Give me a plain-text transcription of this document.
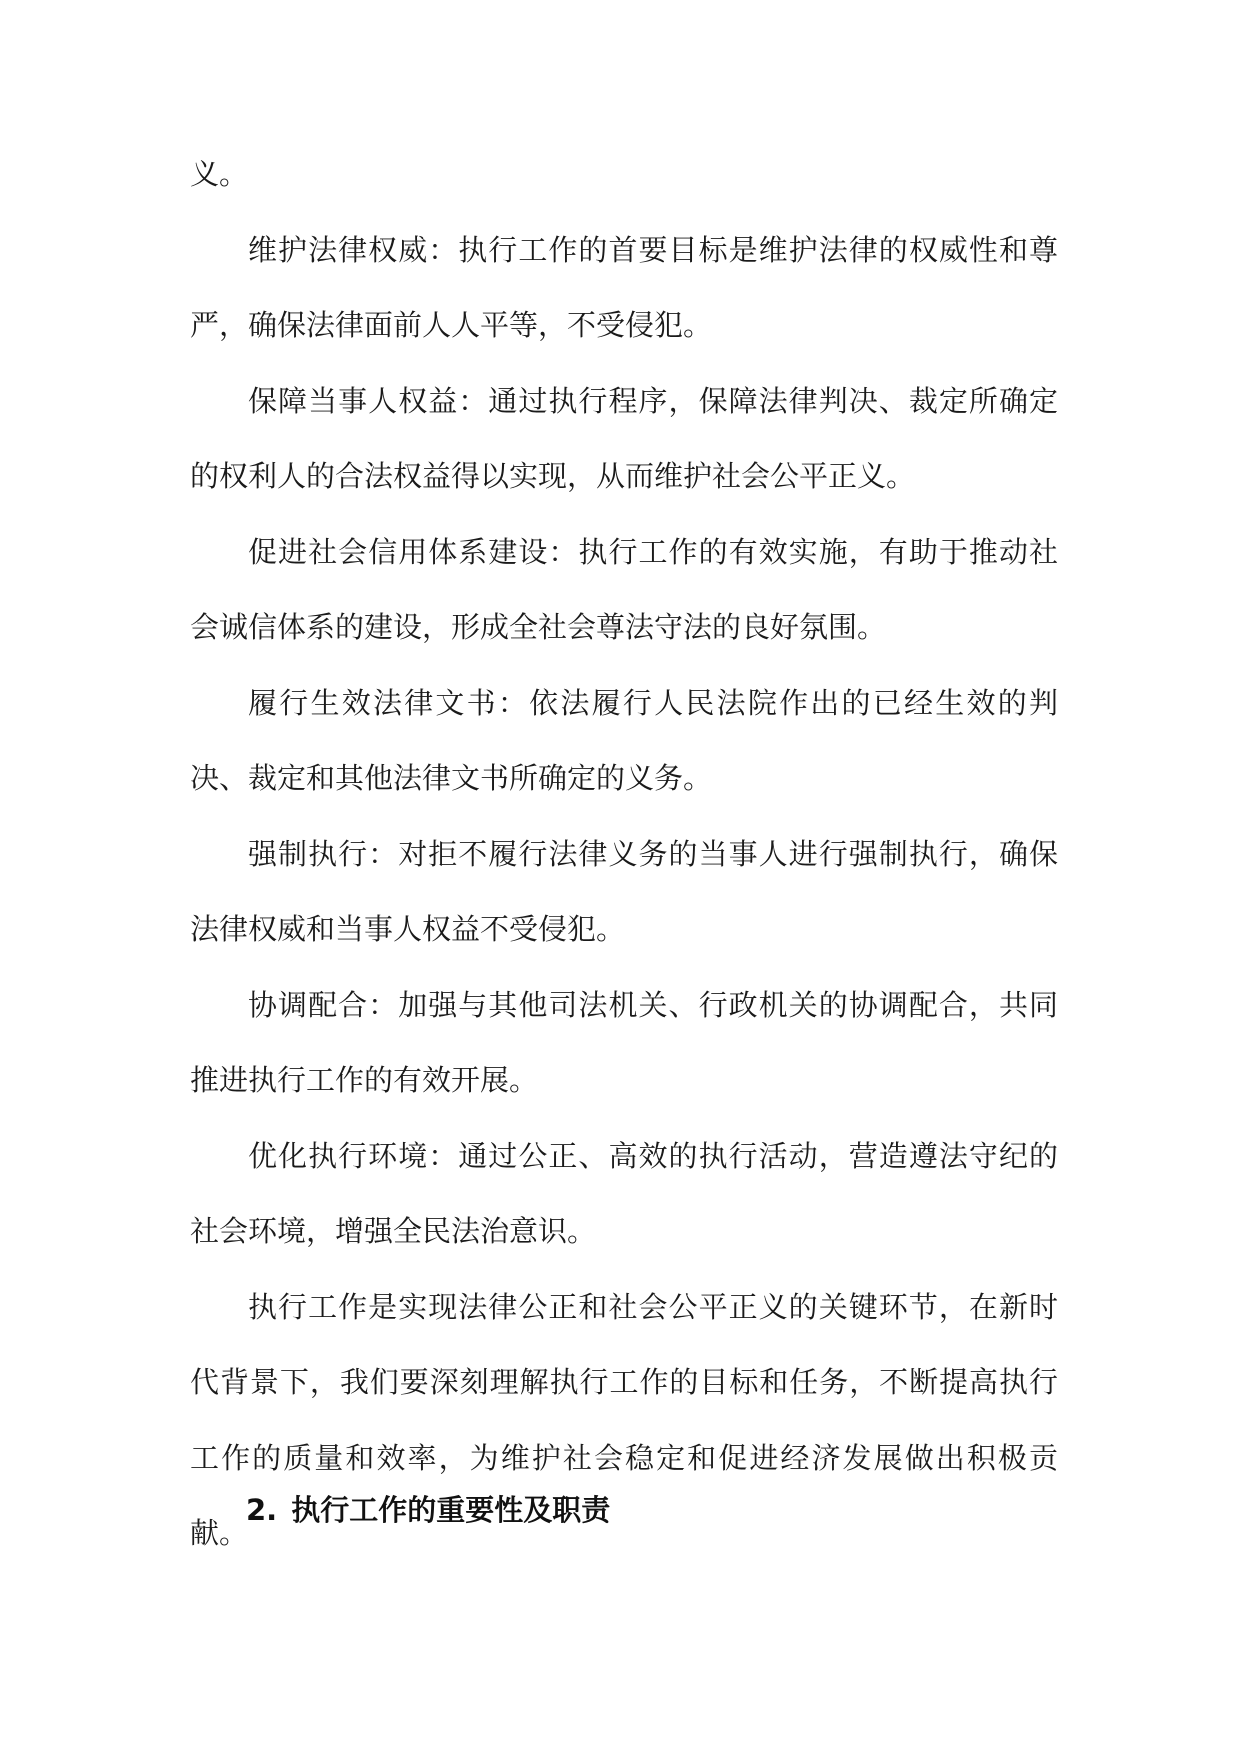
义。

维护法律权威：执行工作的首要目标是维护法律的权威性和尊严，确保法律面前人人平等，不受侵犯。

保障当事人权益：通过执行程序，保障法律判决、裁定所确定的权利人的合法权益得以实现，从而维护社会公平正义。

促进社会信用体系建设：执行工作的有效实施，有助于推动社会诚信体系的建设，形成全社会尊法守法的良好氛围。

履行生效法律文书：依法履行人民法院作出的已经生效的判决、裁定和其他法律文书所确定的义务。

强制执行：对拒不履行法律义务的当事人进行强制执行，确保法律权威和当事人权益不受侵犯。

协调配合：加强与其他司法机关、行政机关的协调配合，共同推进执行工作的有效开展。

优化执行环境：通过公正、高效的执行活动，营造遵法守纪的社会环境，增强全民法治意识。

执行工作是实现法律公正和社会公平正义的关键环节，在新时代背景下，我们要深刻理解执行工作的目标和任务，不断提高执行工作的质量和效率，为维护社会稳定和促进经济发展做出积极贡献。

2. 执行工作的重要性及职责
